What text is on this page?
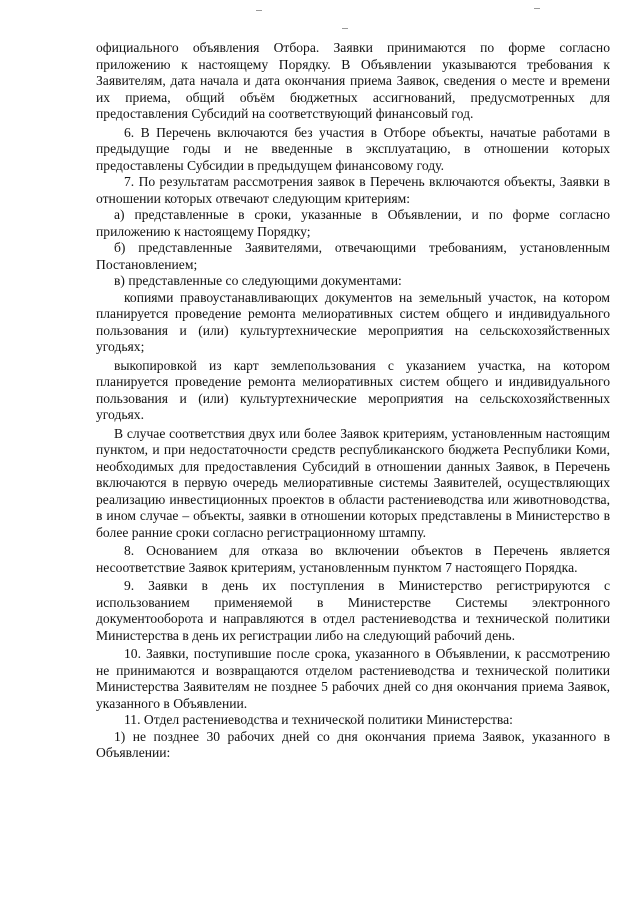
официального объявления Отбора. Заявки принимаются по форме согласно приложению к настоящему Порядку. В Объявлении указываются требования к Заявителям, дата начала и дата окончания приема Заявок, сведения о месте и времени их приема, общий объём бюджетных ассигнований, предусмотренных для предоставления Субсидий на соответствующий финансовый год.

6. В Перечень включаются без участия в Отборе объекты, начатые работами в предыдущие годы и не введенные в эксплуатацию, в отношении которых предоставлены Субсидии в предыдущем финансовому году.

7. По результатам рассмотрения заявок в Перечень включаются объекты, Заявки в отношении которых отвечают следующим критериям:

а) представленные в сроки, указанные в Объявлении, и по форме согласно приложению к настоящему Порядку;

б) представленные Заявителями, отвечающими требованиям, установленным Постановлением;

в) представленные со следующими документами:

копиями правоустанавливающих документов на земельный участок, на котором планируется проведение ремонта мелиоративных систем общего и индивидуального пользования и (или) культуртехнические мероприятия на сельскохозяйственных угодьях;

выкопировкой из карт землепользования с указанием участка, на котором планируется проведение ремонта мелиоративных систем общего и индивидуального пользования и (или) культуртехнические мероприятия на сельскохозяйственных угодьях.

В случае соответствия двух или более Заявок критериям, установленным настоящим пунктом, и при недостаточности средств республиканского бюджета Республики Коми, необходимых для предоставления Субсидий в отношении данных Заявок, в Перечень включаются в первую очередь мелиоративные системы Заявителей, осуществляющих реализацию инвестиционных проектов в области растениеводства или животноводства, в ином случае – объекты, заявки в отношении которых представлены в Министерство в более ранние сроки согласно регистрационному штампу.

8. Основанием для отказа во включении объектов в Перечень является несоответствие Заявок критериям, установленным пунктом 7 настоящего Порядка.

9. Заявки в день их поступления в Министерство регистрируются с использованием применяемой в Министерстве Системы электронного документооборота и направляются в отдел растениеводства и технической политики Министерства в день их регистрации либо на следующий рабочий день.

10. Заявки, поступившие после срока, указанного в Объявлении, к рассмотрению не принимаются и возвращаются отделом растениеводства и технической политики Министерства Заявителям не позднее 5 рабочих дней со дня окончания приема Заявок, указанного в Объявлении.

11. Отдел растениеводства и технической политики Министерства:

1) не позднее 30 рабочих дней со дня окончания приема Заявок, указанного в Объявлении:
